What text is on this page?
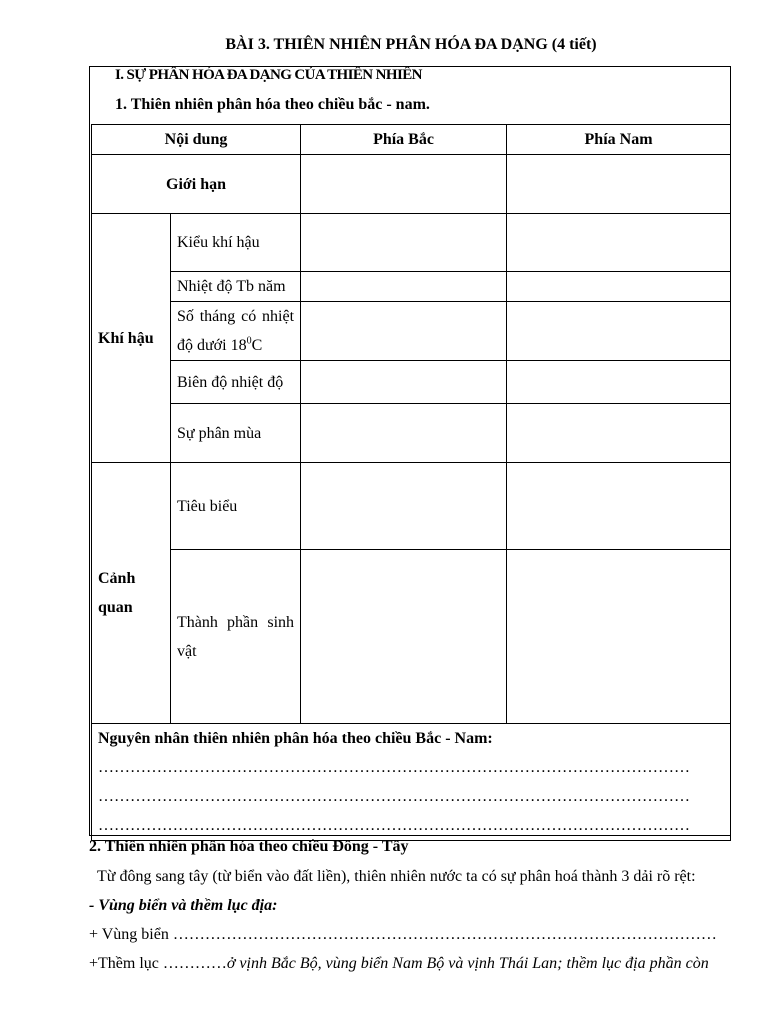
BÀI 3. THIÊN NHIÊN PHÂN HÓA ĐA DẠNG (4 tiết)
I. SỰ PHÂN HÓA ĐA DẠNG CỦA THIÊN NHIÊN
1. Thiên nhiên phân hóa theo chiều bắc - nam.
Nội dung		Phía Bắc	Phía Nam
Giới hạn			
Khí hậu	Kiểu khí hậu		
	Nhiệt độ Tb năm		
	Số tháng có nhiệt độ dưới $18^0C$		
	Biên độ nhiệt độ		
	Sự phân mùa		
Cảnh quan	Tiêu biểu		
	Thành phần sinh vật		

Nguyên nhân thiên nhiên phân hóa theo chiều Bắc - Nam:
…………………………………………………………………………………………………
…………………………………………………………………………………………………
…………………………………………………………………………………………………			
2. Thiên nhiên phân hóa theo chiều Đông - Tây
Từ đông sang tây (từ biển vào đất liền), thiên nhiên nước ta có sự phân hoá thành 3 dải rõ rệt:
- Vùng biển và thềm lục địa:
+ Vùng biển …………………………………………………………………………………………
+Thềm lục …………ở vịnh Bắc Bộ, vùng biển Nam Bộ và vịnh Thái Lan; thềm lục địa phần còn
